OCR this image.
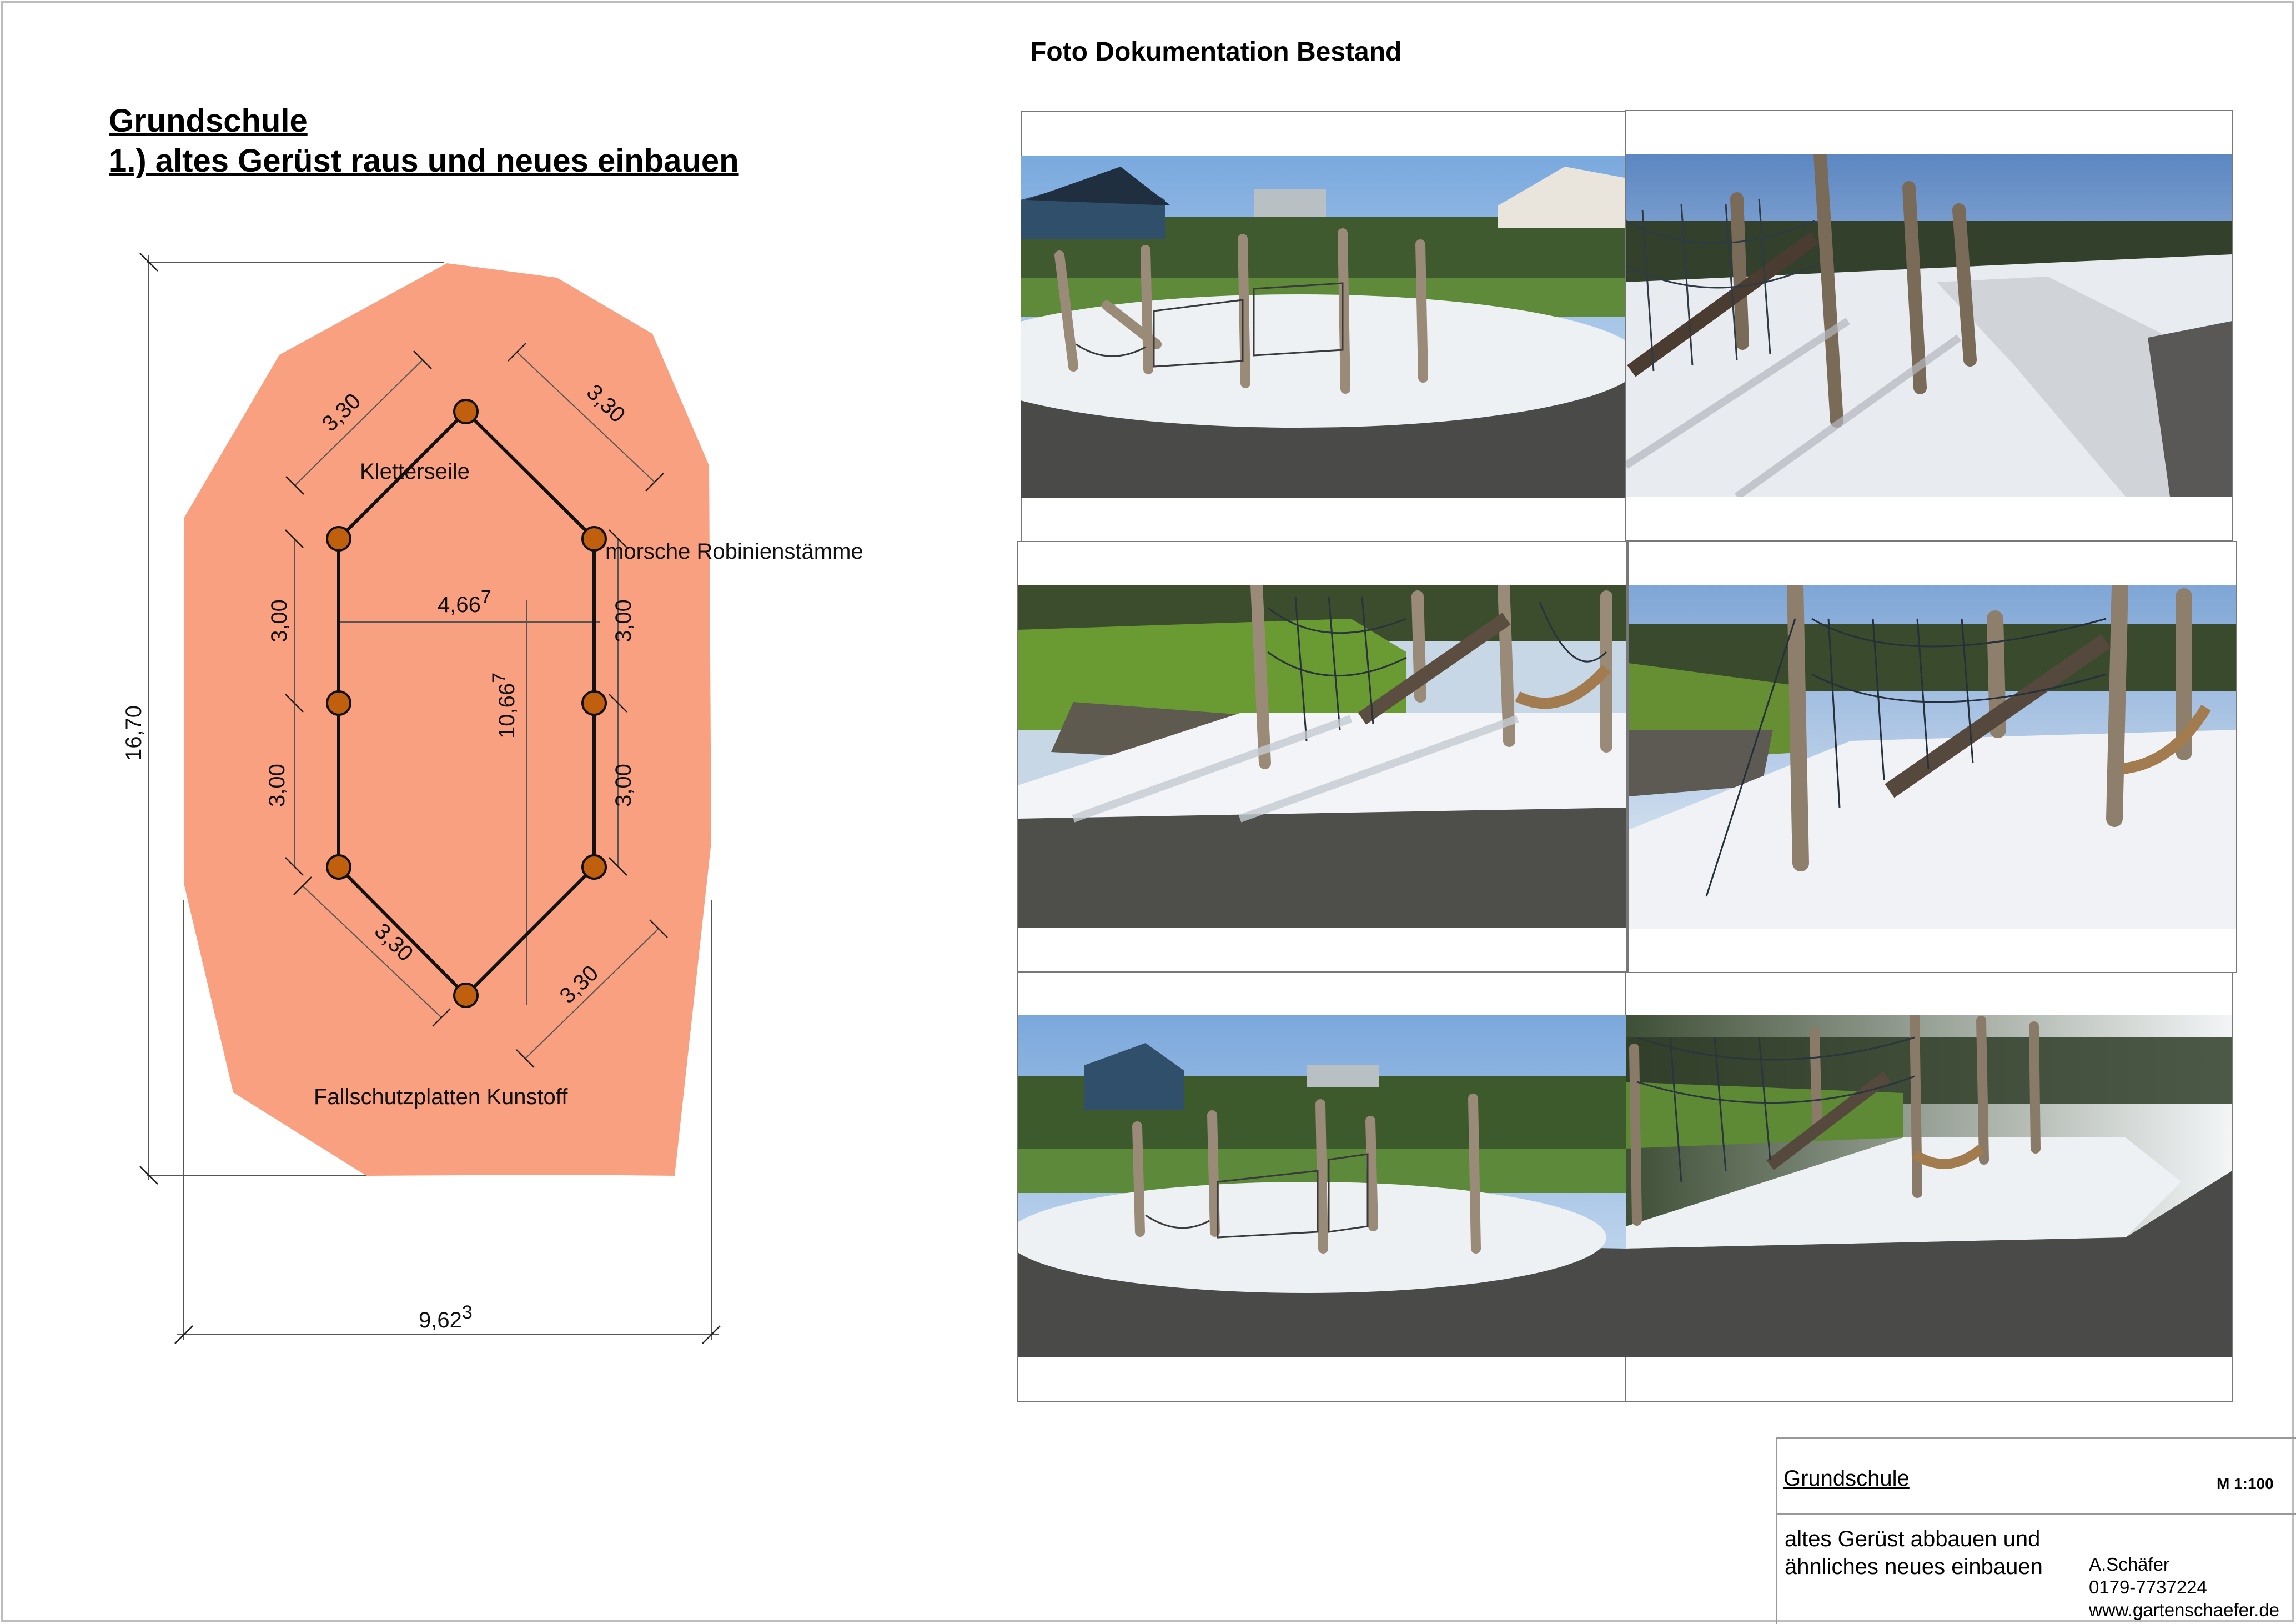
Grundschule
1.) altes Gerüst raus und neues einbauen
Foto Dokumentation Bestand
Kletterseile
morsche Robinienstämme
Fallschutzplatten Kunstoff
16,70
9,62$^3$
4,66$^7$
10,66$^7$
3,30	3,30
3,30
3,30
3,00
3,00
3,00
3,00
Grundschule	M 1:100
altes Gerüst abbauen und ähnliches neues einbauen	A.Schäfer
0179-7737224
www.gartenschaefer.de
